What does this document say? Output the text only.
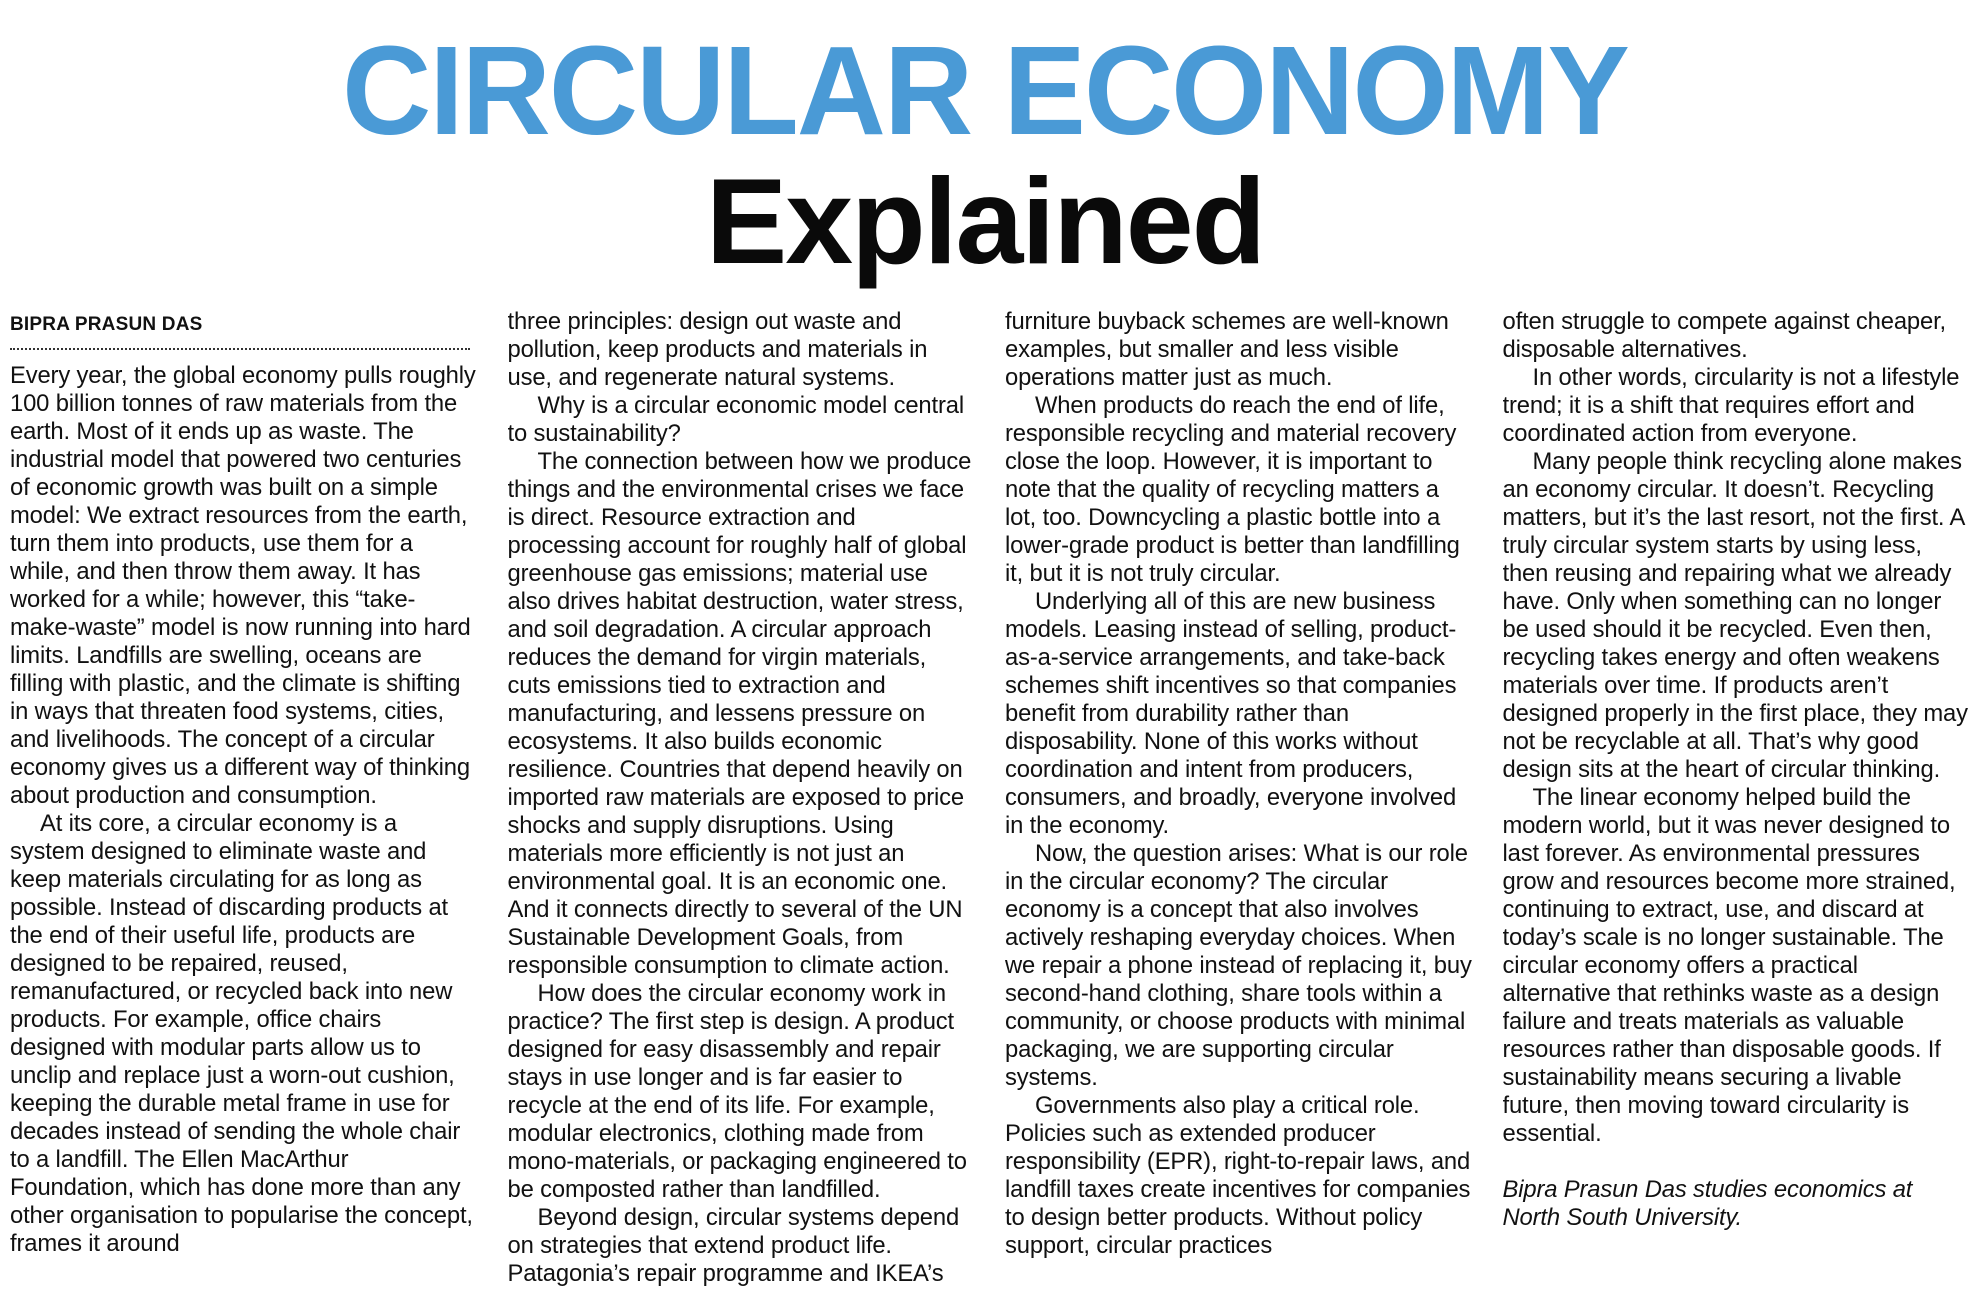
CIRCULAR ECONOMY
Explained
BIPRA PRASUN DAS

Every year, the global economy pulls roughly 100 billion tonnes of raw materials from the earth. Most of it ends up as waste. The industrial model that powered two centuries of economic growth was built on a simple model: We extract resources from the earth, turn them into products, use them for a while, and then throw them away. It has worked for a while; however, this “take-make-waste” model is now running into hard limits. Landfills are swelling, oceans are filling with plastic, and the climate is shifting in ways that threaten food systems, cities, and livelihoods. The concept of a circular economy gives us a different way of thinking about production and consumption.

At its core, a circular economy is a system designed to eliminate waste and keep materials circulating for as long as possible. Instead of discarding products at the end of their useful life, products are designed to be repaired, reused, remanufactured, or recycled back into new products. For example, office chairs designed with modular parts allow us to unclip and replace just a worn-out cushion, keeping the durable metal frame in use for decades instead of sending the whole chair to a landfill. The Ellen MacArthur Foundation, which has done more than any other organisation to popularise the concept, frames it around

three principles: design out waste and pollution, keep products and materials in use, and regenerate natural systems.

Why is a circular economic model central to sustainability?

The connection between how we produce things and the environmental crises we face is direct. Resource extraction and processing account for roughly half of global greenhouse gas emissions; material use also drives habitat destruction, water stress, and soil degradation. A circular approach reduces the demand for virgin materials, cuts emissions tied to extraction and manufacturing, and lessens pressure on ecosystems. It also builds economic resilience. Countries that depend heavily on imported raw materials are exposed to price shocks and supply disruptions. Using materials more efficiently is not just an environmental goal. It is an economic one. And it connects directly to several of the UN Sustainable Development Goals, from responsible consumption to climate action.

How does the circular economy work in practice? The first step is design. A product designed for easy disassembly and repair stays in use longer and is far easier to recycle at the end of its life. For example, modular electronics, clothing made from mono-materials, or packaging engineered to be composted rather than landfilled.

Beyond design, circular systems depend on strategies that extend product life. Patagonia’s repair programme and IKEA’s

furniture buyback schemes are well-known examples, but smaller and less visible operations matter just as much.

When products do reach the end of life, responsible recycling and material recovery close the loop. However, it is important to note that the quality of recycling matters a lot, too. Downcycling a plastic bottle into a lower-grade product is better than landfilling it, but it is not truly circular.

Underlying all of this are new business models. Leasing instead of selling, product-as-a-service arrangements, and take-back schemes shift incentives so that companies benefit from durability rather than disposability. None of this works without coordination and intent from producers, consumers, and broadly, everyone involved in the economy.

Now, the question arises: What is our role in the circular economy? The circular economy is a concept that also involves actively reshaping everyday choices. When we repair a phone instead of replacing it, buy second-hand clothing, share tools within a community, or choose products with minimal packaging, we are supporting circular systems.

Governments also play a critical role. Policies such as extended producer responsibility (EPR), right-to-repair laws, and landfill taxes create incentives for companies to design better products. Without policy support, circular practices

often struggle to compete against cheaper, disposable alternatives.

In other words, circularity is not a lifestyle trend; it is a shift that requires effort and coordinated action from everyone.

Many people think recycling alone makes an economy circular. It doesn’t. Recycling matters, but it’s the last resort, not the first. A truly circular system starts by using less, then reusing and repairing what we already have. Only when something can no longer be used should it be recycled. Even then, recycling takes energy and often weakens materials over time. If products aren’t designed properly in the first place, they may not be recyclable at all. That’s why good design sits at the heart of circular thinking.

The linear economy helped build the modern world, but it was never designed to last forever. As environmental pressures grow and resources become more strained, continuing to extract, use, and discard at today’s scale is no longer sustainable. The circular economy offers a practical alternative that rethinks waste as a design failure and treats materials as valuable resources rather than disposable goods. If sustainability means securing a livable future, then moving toward circularity is essential.

Bipra Prasun Das studies economics at North South University.
